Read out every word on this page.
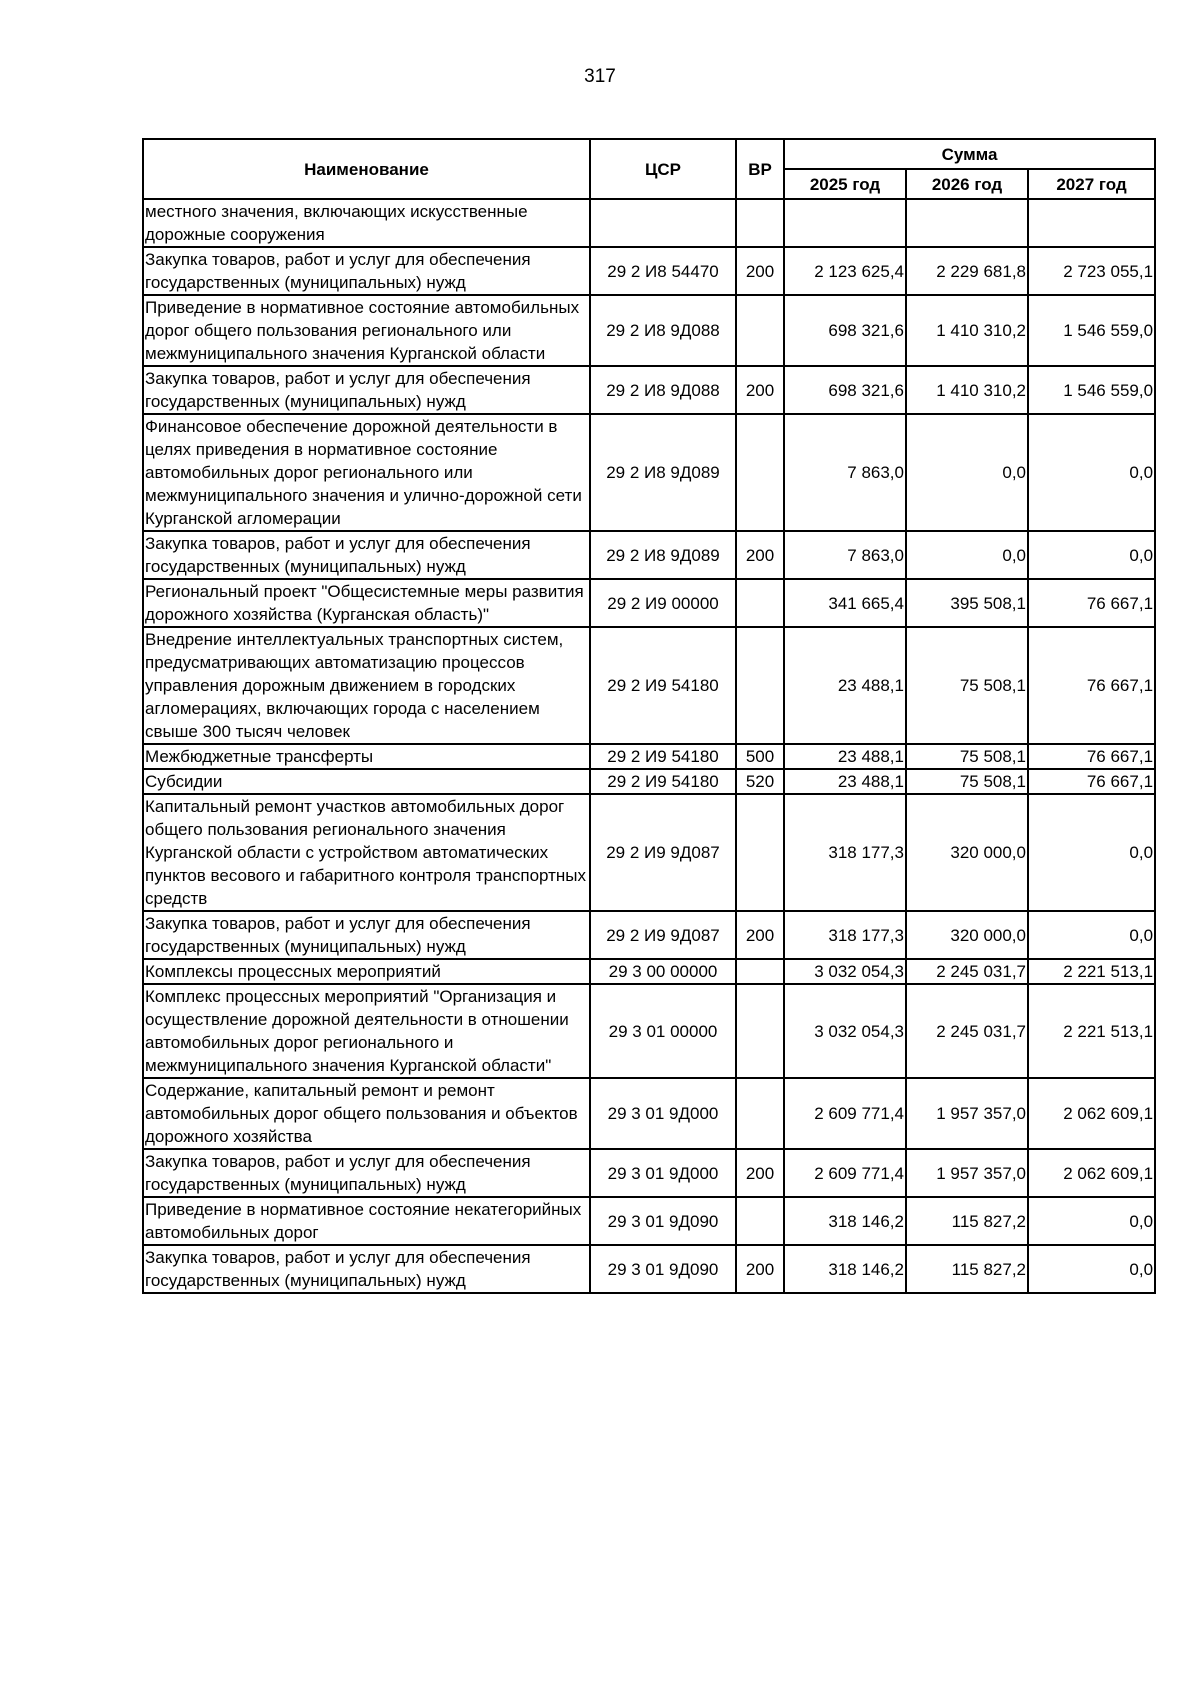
317
Наименование	ЦСР	ВР	Сумма		
			2025 год	2026 год	2027 год
местного значения, включающих искусственные дорожные сооружения					
Закупка товаров, работ и услуг для обеспечения государственных (муниципальных) нужд	29 2 И8 54470	200	2 123 625,4	2 229 681,8	2 723 055,1
Приведение в нормативное состояние автомобильных дорог общего пользования регионального или межмуниципального значения Курганской области	29 2 И8 9Д088		698 321,6	1 410 310,2	1 546 559,0
Закупка товаров, работ и услуг для обеспечения государственных (муниципальных) нужд	29 2 И8 9Д088	200	698 321,6	1 410 310,2	1 546 559,0
Финансовое обеспечение дорожной деятельности в целях приведения в нормативное состояние автомобильных дорог регионального или межмуниципального значения и улично-дорожной сети Курганской агломерации	29 2 И8 9Д089		7 863,0	0,0	0,0
Закупка товаров, работ и услуг для обеспечения государственных (муниципальных) нужд	29 2 И8 9Д089	200	7 863,0	0,0	0,0
Региональный проект "Общесистемные меры развития дорожного хозяйства (Курганская область)"	29 2 И9 00000		341 665,4	395 508,1	76 667,1
Внедрение интеллектуальных транспортных систем, предусматривающих автоматизацию процессов управления дорожным движением в городских агломерациях, включающих города с населением свыше 300 тысяч человек	29 2 И9 54180		23 488,1	75 508,1	76 667,1
Межбюджетные трансферты	29 2 И9 54180	500	23 488,1	75 508,1	76 667,1
Субсидии	29 2 И9 54180	520	23 488,1	75 508,1	76 667,1
Капитальный ремонт участков автомобильных дорог общего пользования регионального значения Курганской области с устройством автоматических пунктов весового и габаритного контроля транспортных средств	29 2 И9 9Д087		318 177,3	320 000,0	0,0
Закупка товаров, работ и услуг для обеспечения государственных (муниципальных) нужд	29 2 И9 9Д087	200	318 177,3	320 000,0	0,0
Комплексы процессных мероприятий	29 3 00 00000		3 032 054,3	2 245 031,7	2 221 513,1
Комплекс процессных мероприятий "Организация и осуществление дорожной деятельности в отношении автомобильных дорог регионального и межмуниципального значения Курганской области"	29 3 01 00000		3 032 054,3	2 245 031,7	2 221 513,1
Содержание, капитальный ремонт и ремонт автомобильных дорог общего пользования и объектов дорожного хозяйства	29 3 01 9Д000		2 609 771,4	1 957 357,0	2 062 609,1
Закупка товаров, работ и услуг для обеспечения государственных (муниципальных) нужд	29 3 01 9Д000	200	2 609 771,4	1 957 357,0	2 062 609,1
Приведение в нормативное состояние некатегорийных автомобильных дорог	29 3 01 9Д090		318 146,2	115 827,2	0,0
Закупка товаров, работ и услуг для обеспечения государственных (муниципальных) нужд	29 3 01 9Д090	200	318 146,2	115 827,2	0,0
